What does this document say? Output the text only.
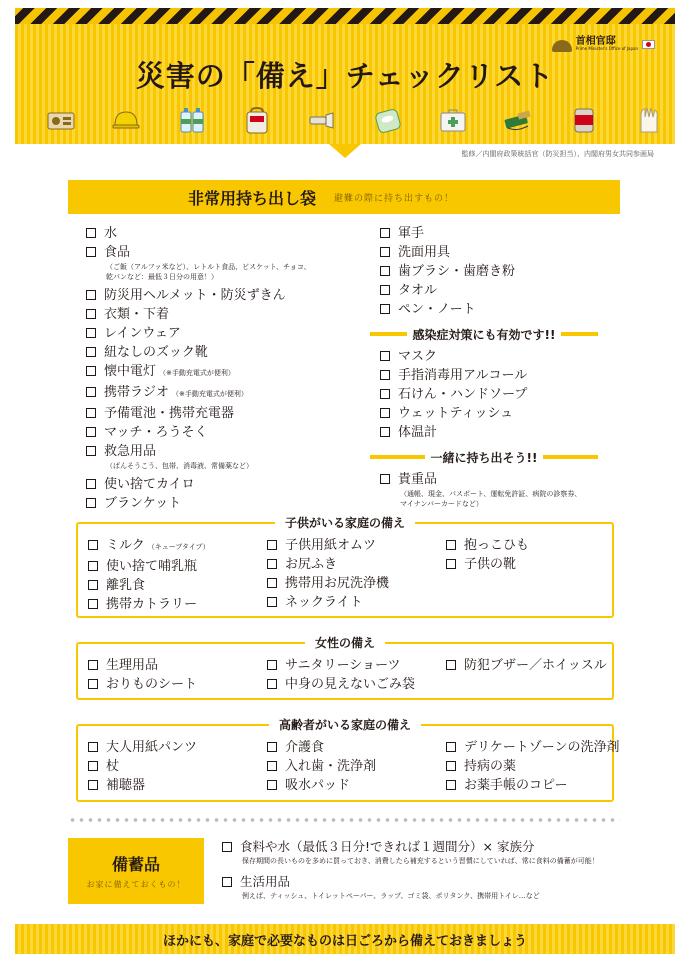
首相官邸
Prime Minister's Office of Japan
災害の「備え」チェックリスト
監修／内閣府政策統括官（防災担当）、内閣府男女共同参画局
非常用持ち出し袋 避難の際に持ち出すもの！
水
食品
（ご飯（アルファ米など）、レトルト食品、ビスケット、チョコ、
乾パンなど：最低３日分の用意！）
防災用ヘルメット・防災ずきん
衣類・下着
レインウェア
紐なしのズック靴
懐中電灯 （※手動充電式が便利）
携帯ラジオ （※手動充電式が便利）
予備電池・携帯充電器
マッチ・ろうそく
救急用品
（ばんそうこう、包帯、消毒液、常備薬など）
使い捨てカイロ
ブランケット
軍手
洗面用具
歯ブラシ・歯磨き粉
タオル
ペン・ノート
感染症対策にも有効です!!
マスク
手指消毒用アルコール
石けん・ハンドソープ
ウェットティッシュ
体温計
一緒に持ち出そう!!
貴重品
（通帳、現金、パスポート、運転免許証、病院の診察券、
マイナンバーカードなど）
子供がいる家庭の備え
ミルク （キューブタイプ）
使い捨て哺乳瓶
離乳食
携帯カトラリー
子供用紙オムツ
お尻ふき
携帯用お尻洗浄機
ネックライト
抱っこひも
子供の靴
女性の備え
生理用品
おりものシート
サニタリーショーツ
中身の見えないごみ袋
防犯ブザー／ホイッスル
高齢者がいる家庭の備え
大人用紙パンツ
杖
補聴器
介護食
入れ歯・洗浄剤
吸水パッド
デリケートゾーンの洗浄剤
持病の薬
お薬手帳のコピー
備蓄品
お家に備えておくもの！
食料や水（最低３日分!できれば１週間分）× 家族分
保存期間の長いものを多めに買っておき、消費したら補充するという習慣にしていれば、常に食料の備蓄が可能！
生活用品
例えば、ティッシュ、トイレットペーパー、ラップ、ゴミ袋、ポリタンク、携帯用トイレ…など
ほかにも、家庭で必要なものは日ごろから備えておきましょう
